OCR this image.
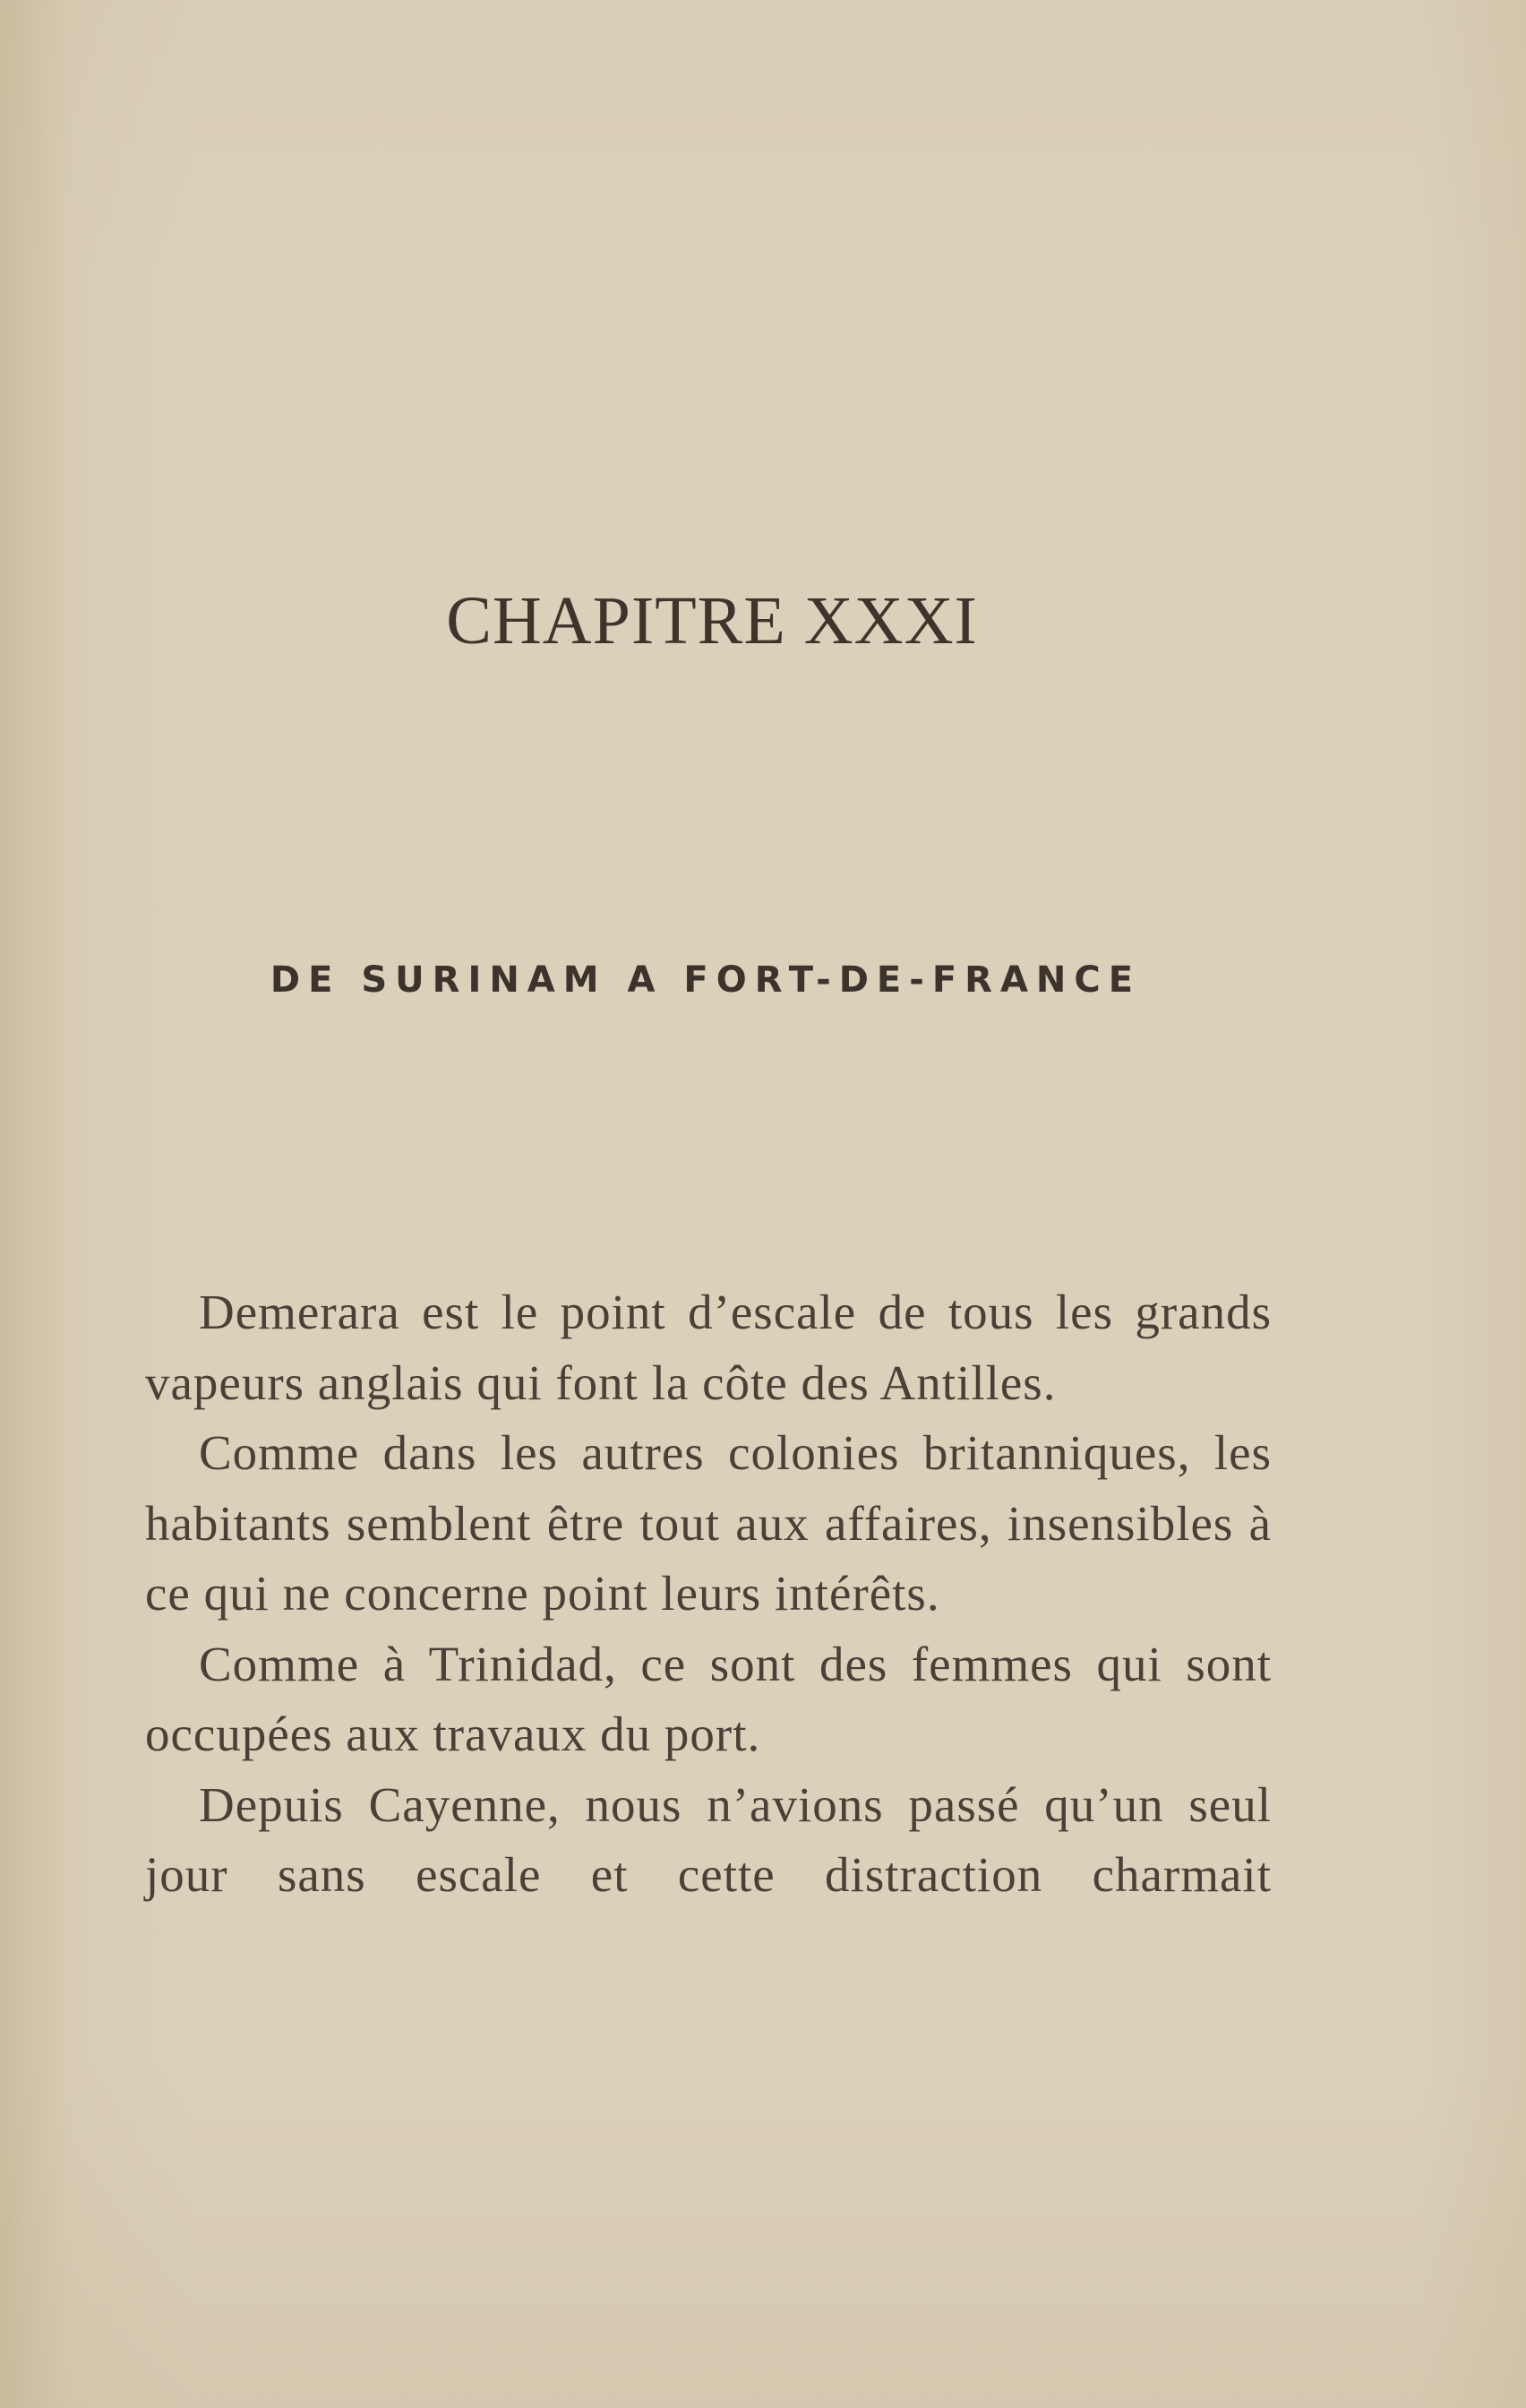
CHAPITRE XXXI
DE SURINAM A FORT-DE-FRANCE

Demerara est le point d’escale de tous les grands vapeurs anglais qui font la côte des Antilles.

Comme dans les autres colonies britanniques, les habitants semblent être tout aux affaires, insensibles à ce qui ne concerne point leurs intérêts.

Comme à Trinidad, ce sont des femmes qui sont occupées aux travaux du port.

Depuis Cayenne, nous n’avions passé qu’un seul jour sans escale et cette distraction charmait
